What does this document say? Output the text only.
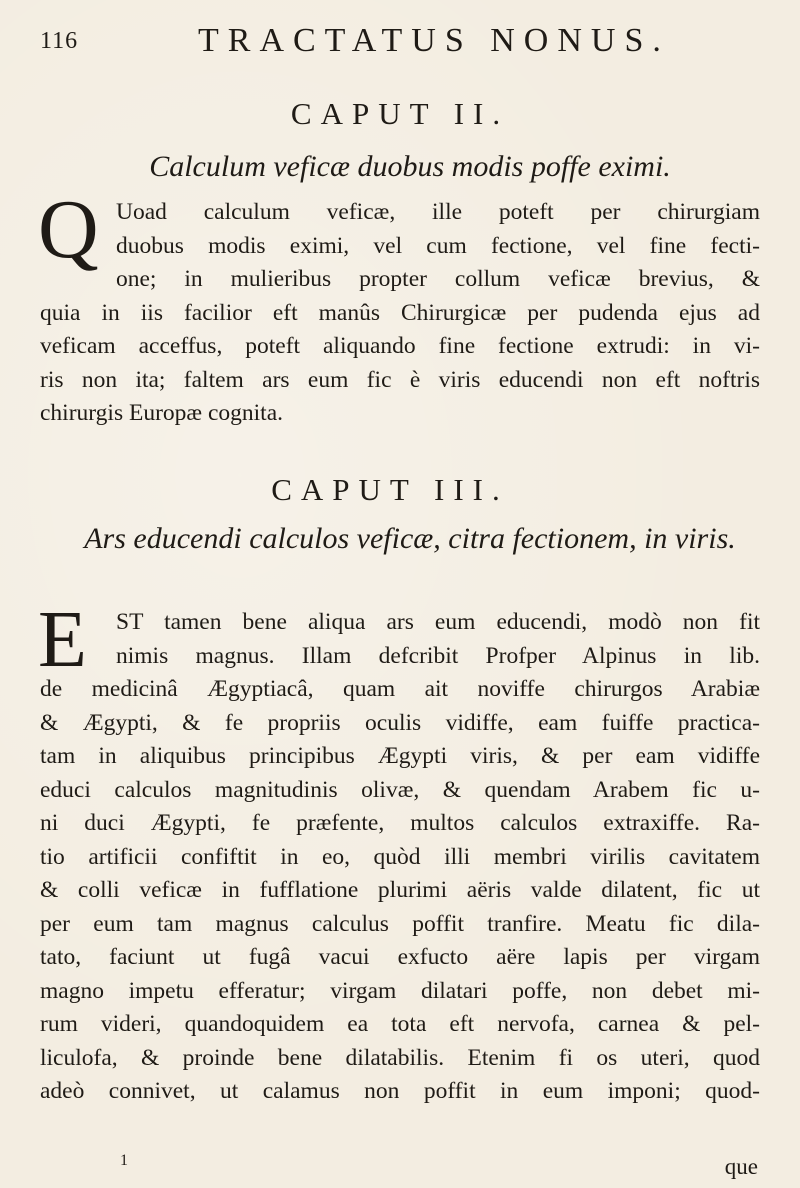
116	TRACTATUS NONUS.
CAPUT II.
Calculum veficæ duobus modis poffe eximi.
Q Uoad calculum veficæ, ille poteft per chirurgiam
duobus modis eximi, vel cum fectione, vel fine fecti-
one; in mulieribus propter collum veficæ brevius, &
quia in iis facilior eft manûs Chirurgicæ per pudenda ejus ad
veficam acceffus, poteft aliquando fine fectione extrudi: in vi-
ris non ita; faltem ars eum fic è viris educendi non eft noftris
chirurgis Europæ cognita.
CAPUT III.
Ars educendi calculos veficæ, citra fectionem, in viris.
E	ST tamen bene aliqua ars eum educendi, modò non fit
nimis magnus. Illam defcribit Profper Alpinus in lib.
de medicinâ Ægyptiacâ, quam ait noviffe chirurgos Arabiæ
& Ægypti, & fe propriis oculis vidiffe, eam fuiffe practica-
tam in aliquibus principibus Ægypti viris, & per eam vidiffe
educi calculos magnitudinis olivæ, & quendam Arabem fic u-
ni duci Ægypti, fe præfente, multos calculos extraxiffe. Ra-
tio artificii confiftit in eo, quòd illi membri virilis cavitatem
& colli veficæ in fufflatione plurimi aëris valde dilatent, fic ut
per eum tam magnus calculus poffit tranfire. Meatu fic dila-
tato, faciunt ut fugâ vacui exfucto aëre lapis per virgam
magno impetu efferatur; virgam dilatari poffe, non debet mi-
rum videri, quandoquidem ea tota eft nervofa, carnea & pel-
liculofa, & proinde bene dilatabilis. Etenim fi os uteri, quod
adeò connivet, ut calamus non poffit in eum imponi; quod-
1	que
